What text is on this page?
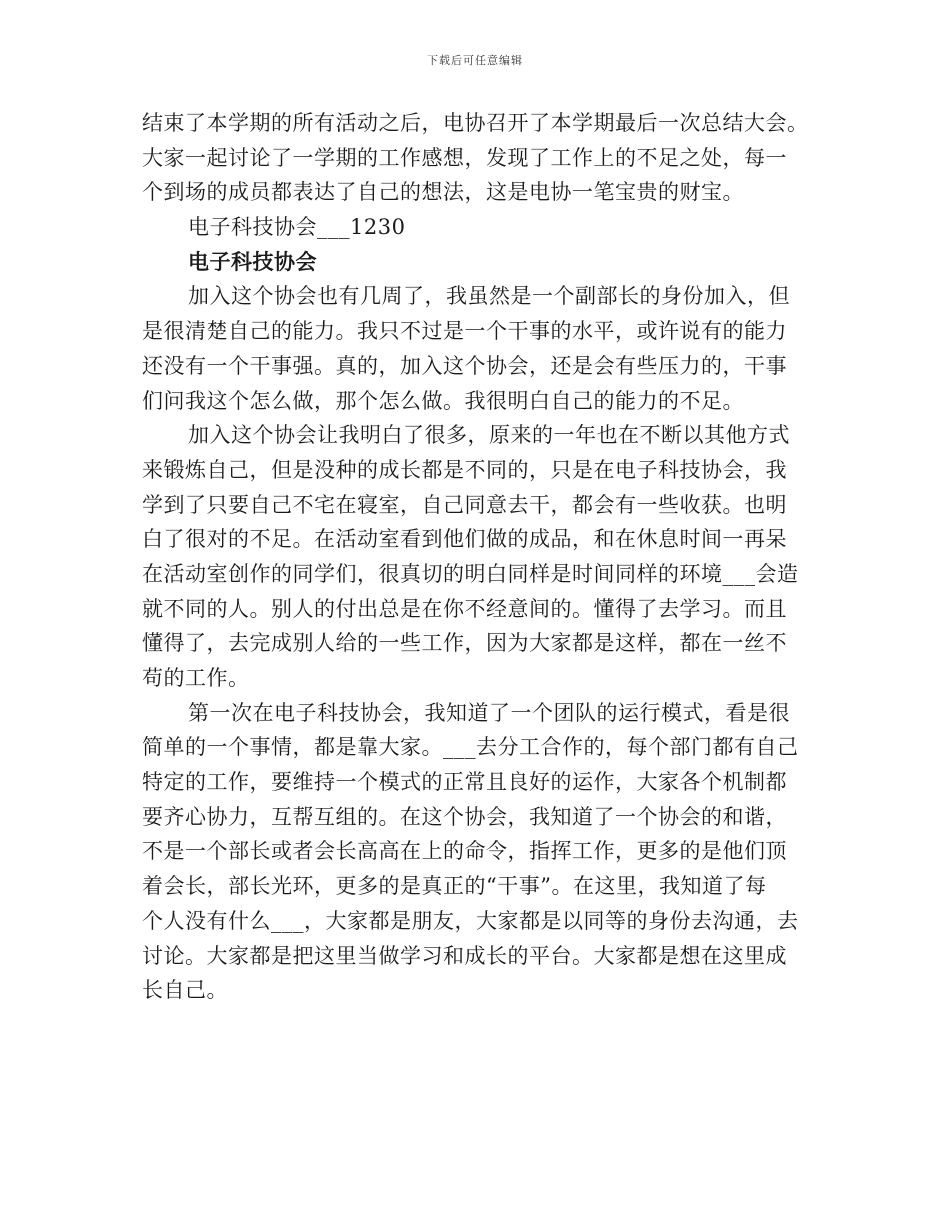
下载后可任意编辑
结束了本学期的所有活动之后，电协召开了本学期最后一次总结大会。
大家一起讨论了一学期的工作感想，发现了工作上的不足之处，每一
个到场的成员都表达了自己的想法，这是电协一笔宝贵的财宝。
电子科技协会___1230
电子科技协会
加入这个协会也有几周了，我虽然是一个副部长的身份加入，但
是很清楚自己的能力。我只不过是一个干事的水平，或许说有的能力
还没有一个干事强。真的，加入这个协会，还是会有些压力的，干事
们问我这个怎么做，那个怎么做。我很明白自己的能力的不足。
加入这个协会让我明白了很多，原来的一年也在不断以其他方式
来锻炼自己，但是没种的成长都是不同的，只是在电子科技协会，我
学到了只要自己不宅在寝室，自己同意去干，都会有一些收获。也明
白了很对的不足。在活动室看到他们做的成品，和在休息时间一再呆
在活动室创作的同学们，很真切的明白同样是时间同样的环境___会造
就不同的人。别人的付出总是在你不经意间的。懂得了去学习。而且
懂得了，去完成别人给的一些工作，因为大家都是这样，都在一丝不
苟的工作。
第一次在电子科技协会，我知道了一个团队的运行模式，看是很
简单的一个事情，都是靠大家。___去分工合作的，每个部门都有自己
特定的工作，要维持一个模式的正常且良好的运作，大家各个机制都
要齐心协力，互帮互组的。在这个协会，我知道了一个协会的和谐，
不是一个部长或者会长高高在上的命令，指挥工作，更多的是他们顶
着会长，部长光环，更多的是真正的“干事”。在这里，我知道了每
个人没有什么___，大家都是朋友，大家都是以同等的身份去沟通，去
讨论。大家都是把这里当做学习和成长的平台。大家都是想在这里成
长自己。
